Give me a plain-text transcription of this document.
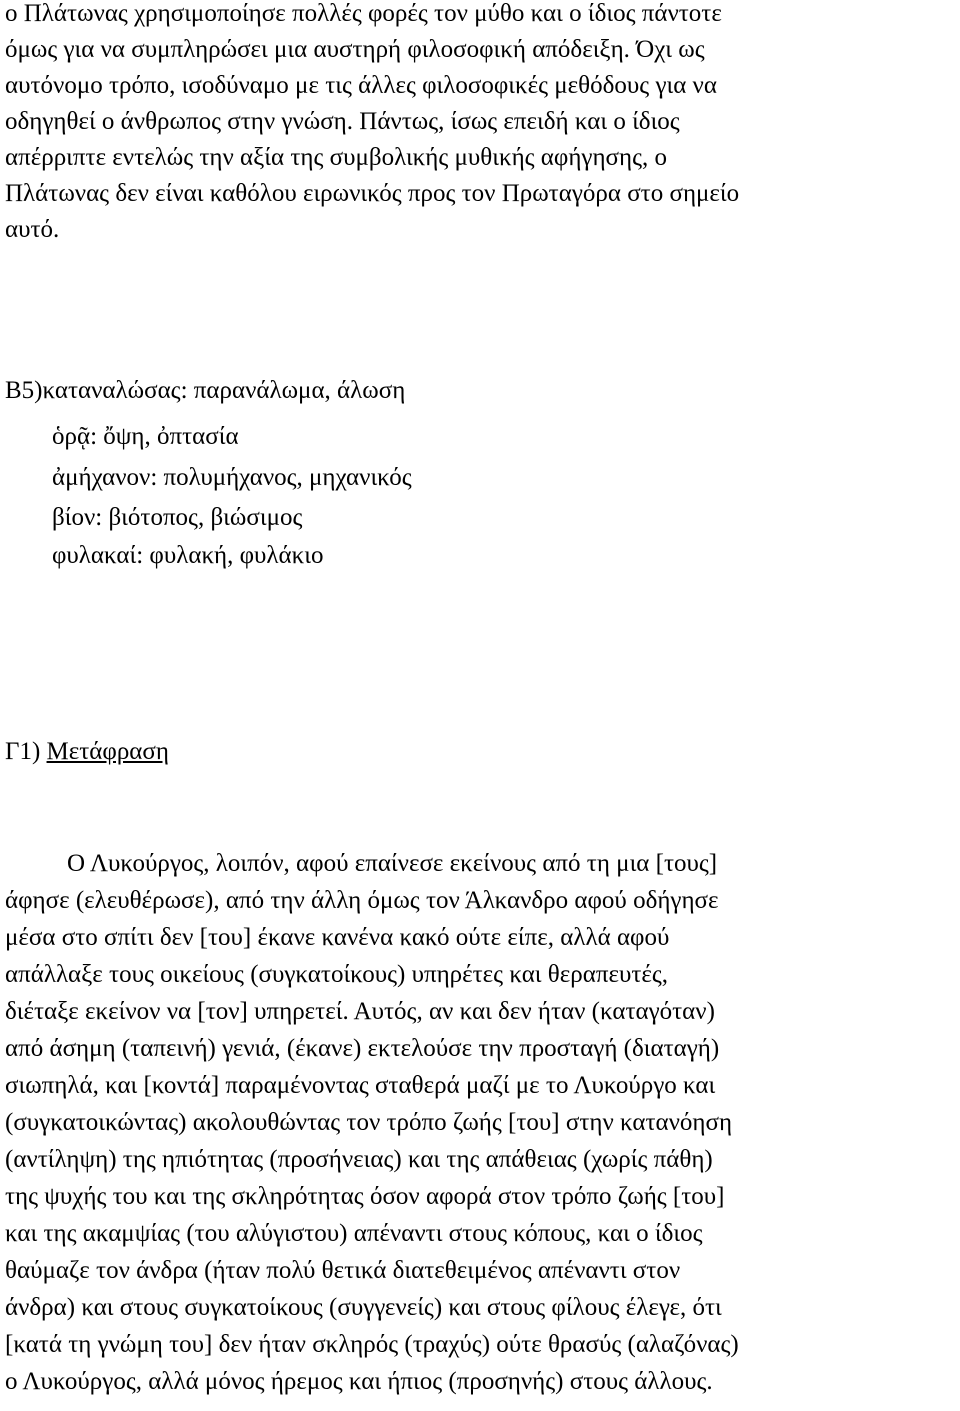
ο Πλάτωνας χρησιμοποίησε πολλές φορές τον μύθο και ο ίδιος πάντοτε
όμως για να συμπληρώσει μια αυστηρή φιλοσοφική απόδειξη. Όχι ως
αυτόνομο τρόπο, ισοδύναμο με τις άλλες φιλοσοφικές μεθόδους για να
οδηγηθεί ο άνθρωπος στην γνώση. Πάντως, ίσως επειδή και ο ίδιος
απέρριπτε εντελώς την αξία της συμβολικής μυθικής αφήγησης, ο
Πλάτωνας δεν είναι καθόλου ειρωνικός προς τον Πρωταγόρα στο σημείο
αυτό.
Β5)καταναλώσας: παρανάλωμα, άλωση
ὁρᾷ: ὄψη, ὀπτασία
ἀμήχανον: πολυμήχανος, μηχανικός
βίον: βιότοπος, βιώσιμος
φυλακαί: φυλακή, φυλάκιο
Γ1) Μετάφραση
Ο Λυκούργος, λοιπόν, αφού επαίνεσε εκείνους από τη μια [τους]
άφησε (ελευθέρωσε), από την άλλη όμως τον Άλκανδρο αφού οδήγησε
μέσα στο σπίτι δεν [του] έκανε κανένα κακό ούτε είπε, αλλά αφού
απάλλαξε τους οικείους (συγκατοίκους) υπηρέτες και θεραπευτές,
διέταξε εκείνον να [τον] υπηρετεί. Αυτός, αν και δεν ήταν (καταγόταν)
από άσημη (ταπεινή) γενιά, (έκανε) εκτελούσε την προσταγή (διαταγή)
σιωπηλά, και [κοντά] παραμένοντας σταθερά μαζί με το Λυκούργο και
(συγκατοικώντας) ακολουθώντας τον τρόπο ζωής [του] στην κατανόηση
(αντίληψη) της ηπιότητας (προσήνειας) και της απάθειας (χωρίς πάθη)
της ψυχής του και της σκληρότητας όσον αφορά στον τρόπο ζωής [του]
και της ακαμψίας (του αλύγιστου) απέναντι στους κόπους, και ο ίδιος
θαύμαζε τον άνδρα (ήταν πολύ θετικά διατεθειμένος απέναντι στον
άνδρα) και στους συγκατοίκους (συγγενείς) και στους φίλους έλεγε, ότι
[κατά τη γνώμη του] δεν ήταν σκληρός (τραχύς) ούτε θρασύς (αλαζόνας)
ο Λυκούργος, αλλά μόνος ήρεμος και ήπιος (προσηνής) στους άλλους.
